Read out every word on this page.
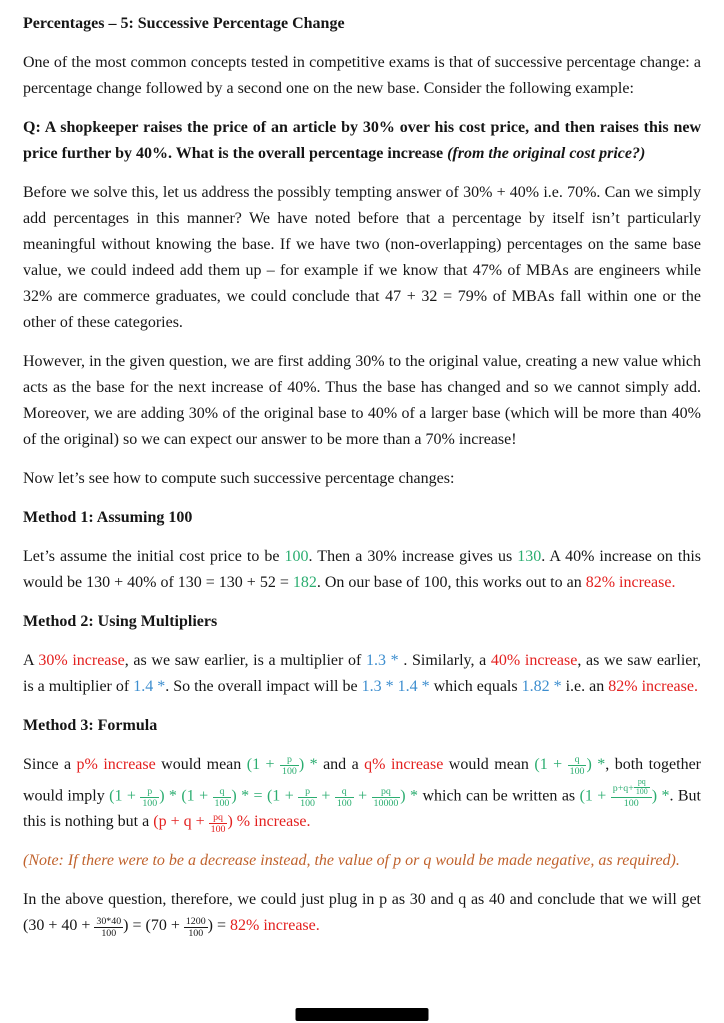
Percentages – 5: Successive Percentage Change
One of the most common concepts tested in competitive exams is that of successive percentage change: a percentage change followed by a second one on the new base. Consider the following example:
Q: A shopkeeper raises the price of an article by 30% over his cost price, and then raises this new price further by 40%. What is the overall percentage increase (from the original cost price?)
Before we solve this, let us address the possibly tempting answer of 30% + 40% i.e. 70%. Can we simply add percentages in this manner? We have noted before that a percentage by itself isn’t particularly meaningful without knowing the base. If we have two (non-overlapping) percentages on the same base value, we could indeed add them up – for example if we know that 47% of MBAs are engineers while 32% are commerce graduates, we could conclude that 47 + 32 = 79% of MBAs fall within one or the other of these categories.
However, in the given question, we are first adding 30% to the original value, creating a new value which acts as the base for the next increase of 40%. Thus the base has changed and so we cannot simply add. Moreover, we are adding 30% of the original base to 40% of a larger base (which will be more than 40% of the original) so we can expect our answer to be more than a 70% increase!
Now let’s see how to compute such successive percentage changes:
Method 1: Assuming 100
Let’s assume the initial cost price to be 100. Then a 30% increase gives us 130. A 40% increase on this would be 130 + 40% of 130 = 130 + 52 = 182. On our base of 100, this works out to an 82% increase.
Method 2: Using Multipliers
A 30% increase, as we saw earlier, is a multiplier of 1.3 * . Similarly, a 40% increase, as we saw earlier, is a multiplier of 1.4 *. So the overall impact will be 1.3 * 1.4 * which equals 1.82 * i.e. an 82% increase.
Method 3: Formula
Since a p% increase would mean ($1 + \frac{p}{100}$ ) * and a q% increase would mean ($1 + \frac{q}{100}$ ) *, both together would imply ($1 + \frac{p}{100}$ ) * ($1 + \frac{q}{100}$ ) * = ($1 + \frac{p}{100} + \frac{q}{100} + \frac{pq}{10000}$ ) * which can be written as ($1 + \frac{p+q+ \frac{pq}{100}}{100}$ ) *. But this is nothing but a ($p + q + \frac{pq}{100}$ ) % increase.
(Note: If there were to be a decrease instead, the value of p or q would be made negative, as required).
In the above question, therefore, we could just plug in p as 30 and q as 40 and conclude that we will get ($30 + 40 + \frac{30*40}{100}$ ) = ($70 + \frac{1200}{100}$ ) = 82% increase.
